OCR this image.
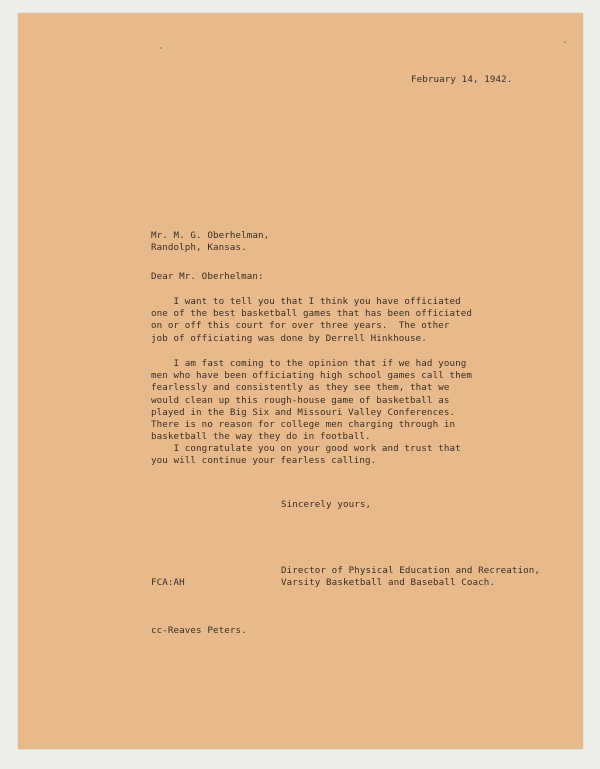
February 14, 1942.
Mr. M. G. Oberhelman,
Randolph, Kansas.
Dear Mr. Oberhelman:
I want to tell you that I think you have officiated
one of the best basketball games that has been officiated
on or off this court for over three years.  The other
job of officiating was done by Derrell Hinkhouse.
I am fast coming to the opinion that if we had young
men who have been officiating high school games call them
fearlessly and consistently as they see them, that we
would clean up this rough-house game of basketball as
played in the Big Six and Missouri Valley Conferences.
There is no reason for college men charging through in
basketball the way they do in football.
I congratulate you on your good work and trust that
you will continue your fearless calling.
Sincerely yours,
Director of Physical Education and Recreation,
Varsity Basketball and Baseball Coach.
FCA:AH
cc-Reaves Peters.
